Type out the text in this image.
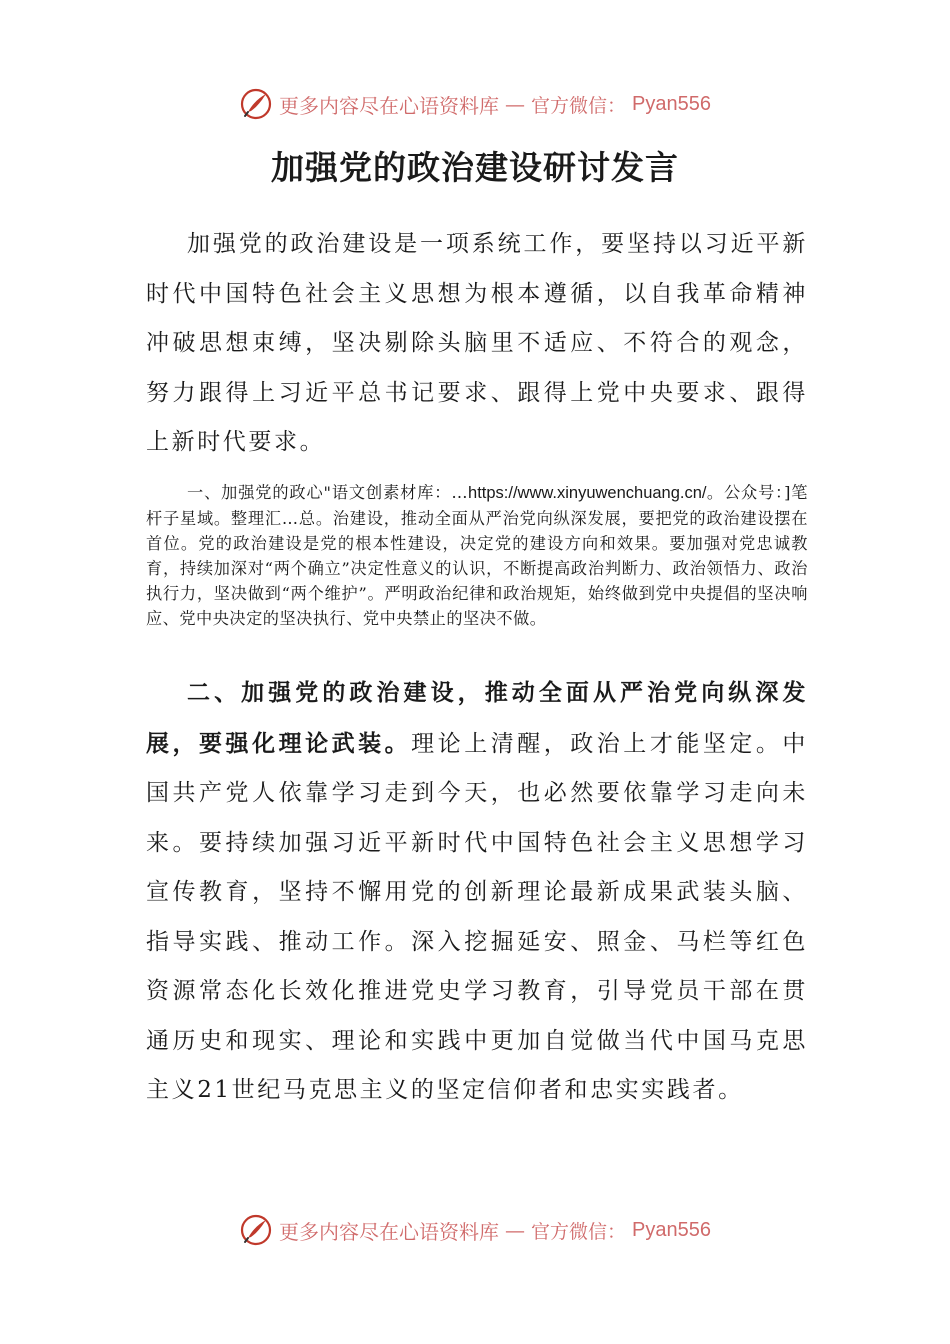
更多内容尽在心语资料库 — 官方微信： Pyan556
加强党的政治建设研讨发言

加强党的政治建设是一项系统工作，要坚持以习近平新时代中国特色社会主义思想为根本遵循，以自我革命精神冲破思想束缚，坚决剔除头脑里不适应、不符合的观念，努力跟得上习近平总书记要求、跟得上党中央要求、跟得上新时代要求。

一、加强党的政心"语文创素材库：…https://www.xinyuwenchuang.cn/。公众号：]笔杆子星域。整理汇…总。治建设，推动全面从严治党向纵深发展，要把党的政治建设摆在首位。党的政治建设是党的根本性建设，决定党的建设方向和效果。要加强对党忠诚教育，持续加深对“两个确立”决定性意义的认识，不断提高政治判断力、政治领悟力、政治执行力，坚决做到“两个维护”。严明政治纪律和政治规矩，始终做到党中央提倡的坚决响应、党中央决定的坚决执行、党中央禁止的坚决不做。

二、加强党的政治建设，推动全面从严治党向纵深发展，要强化理论武装。理论上清醒，政治上才能坚定。中国共产党人依靠学习走到今天，也必然要依靠学习走向未来。要持续加强习近平新时代中国特色社会主义思想学习宣传教育，坚持不懈用党的创新理论最新成果武装头脑、指导实践、推动工作。深入挖掘延安、照金、马栏等红色资源常态化长效化推进党史学习教育，引导党员干部在贯通历史和现实、理论和实践中更加自觉做当代中国马克思主义21世纪马克思主义的坚定信仰者和忠实实践者。

更多内容尽在心语资料库 — 官方微信： Pyan556
